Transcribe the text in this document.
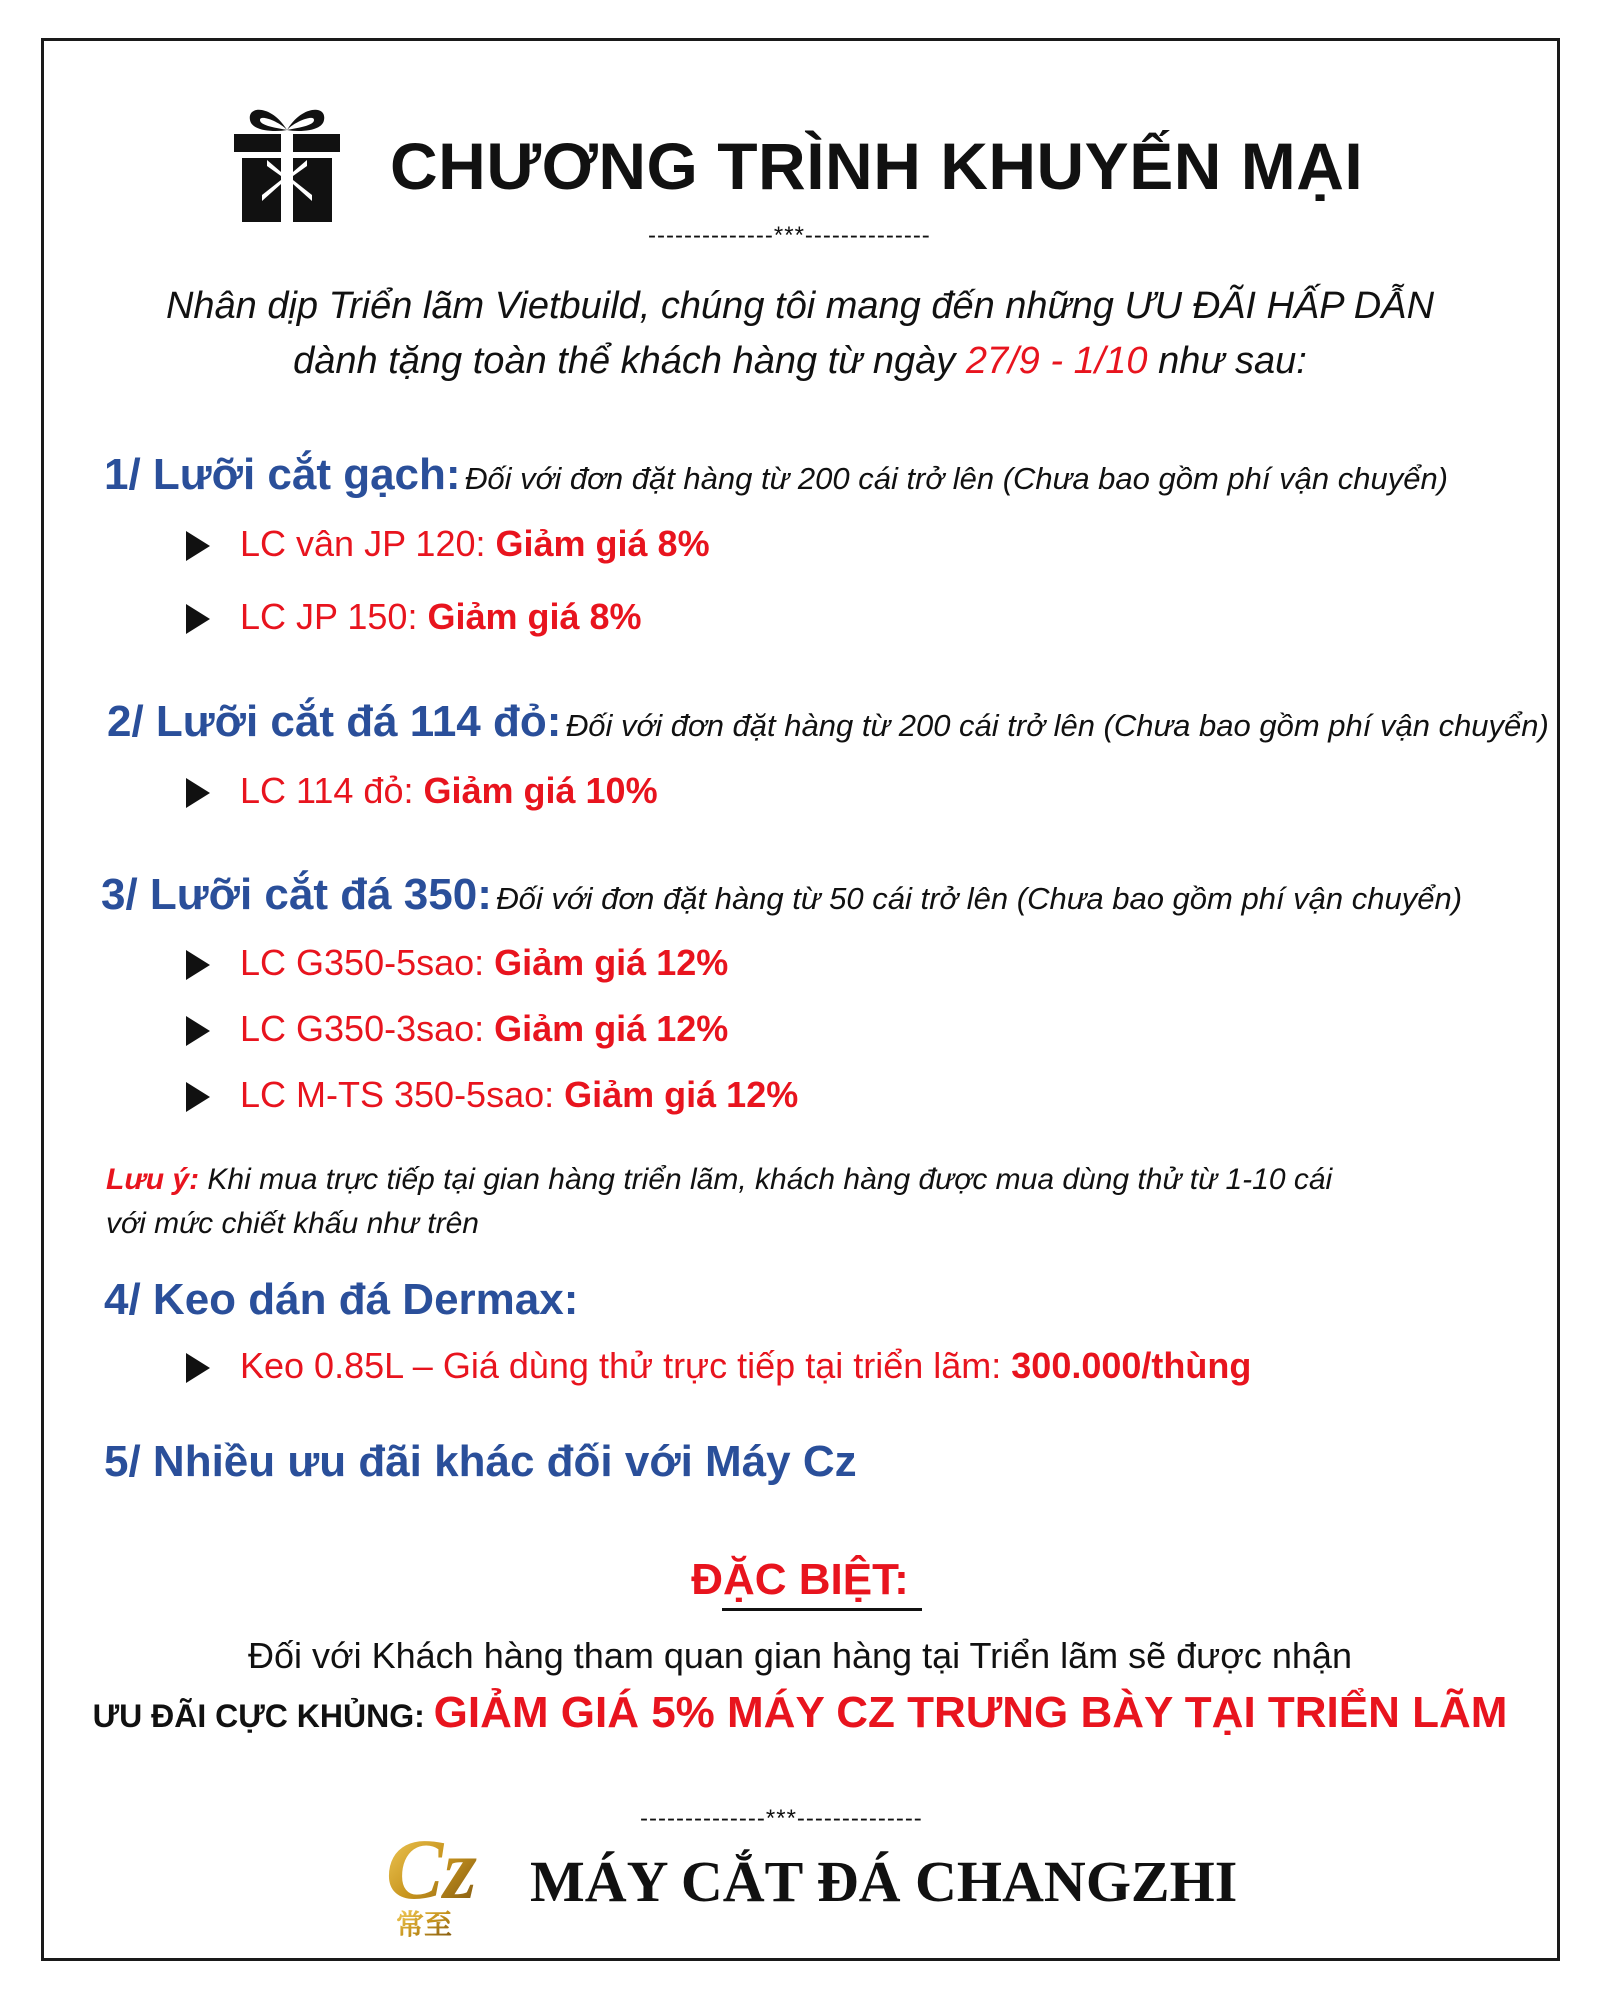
CHƯƠNG TRÌNH KHUYẾN MẠI
--------------***--------------
Nhân dịp Triển lãm Vietbuild, chúng tôi mang đến những ƯU ĐÃI HẤP DẪN
dành tặng toàn thể khách hàng từ ngày 27/9 - 1/10 như sau:
1/ Lưỡi cắt gạch: Đối với đơn đặt hàng từ 200 cái trở lên (Chưa bao gồm phí vận chuyển)
LC vân JP 120: Giảm giá 8%
LC JP 150: Giảm giá 8%
2/ Lưỡi cắt đá 114 đỏ: Đối với đơn đặt hàng từ 200 cái trở lên (Chưa bao gồm phí vận chuyển)
LC 114 đỏ: Giảm giá 10%
3/ Lưỡi cắt đá 350: Đối với đơn đặt hàng từ 50 cái trở lên (Chưa bao gồm phí vận chuyển)
LC G350-5sao: Giảm giá 12%
LC G350-3sao: Giảm giá 12%
LC M-TS 350-5sao: Giảm giá 12%
Lưu ý: Khi mua trực tiếp tại gian hàng triển lãm, khách hàng được mua dùng thử từ 1-10 cái
với mức chiết khấu như trên
4/ Keo dán đá Dermax:
Keo 0.85L – Giá dùng thử trực tiếp tại triển lãm: 300.000/thùng
5/ Nhiều ưu đãi khác đối với Máy Cz
ĐẶC BIỆT:
Đối với Khách hàng tham quan gian hàng tại Triển lãm sẽ được nhận
ƯU ĐÃI CỰC KHỦNG: GIẢM GIÁ 5% MÁY CZ TRƯNG BÀY TẠI TRIỂN LÃM
--------------***--------------
Cz
常至
MÁY CẮT ĐÁ CHANGZHI
